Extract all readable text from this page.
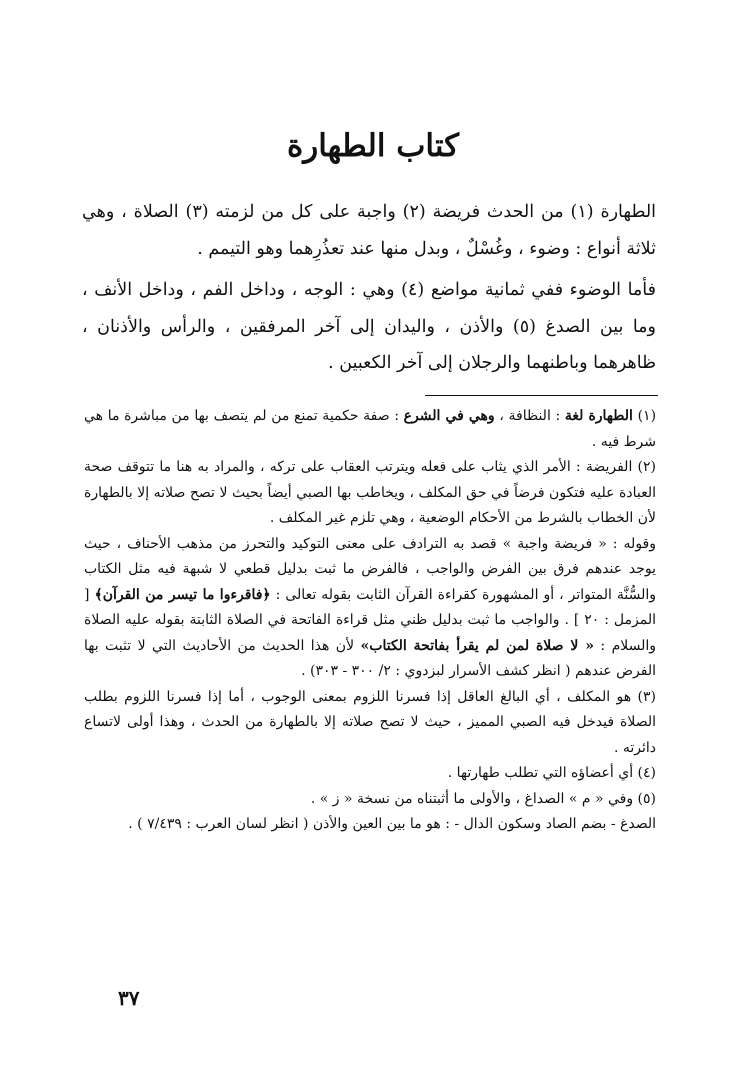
كتاب الطهارة

الطهارة (١) من الحدث فريضة (٢) واجبة على كل من لزمته (٣) الصلاة ، وهي ثلاثة أنواع : وضوء ، وغُسْلٌ ، وبدل منها عند تعذُرِهما وهو التيمم .

فأما الوضوء ففي ثمانية مواضع (٤) وهي : الوجه ، وداخل الفم ، وداخل الأنف ، وما بين الصدغ (٥) والأذن ، واليدان إلى آخر المرفقين ، والرأس والأذنان ، ظاهرهما وباطنهما والرجلان إلى آخر الكعبين .

(١) الطهارة لغة : النظافة ، وهي في الشرع : صفة حكمية تمنع من لم يتصف بها من مباشرة ما هي شرط فيه .

(٢) الفريضة : الأمر الذي يثاب على فعله ويترتب العقاب على تركه ، والمراد به هنا ما تتوقف صحة العبادة عليه فتكون فرضاً في حق المكلف ، ويخاطب بها الصبي أيضاً بحيث لا تصح صلاته إلا بالطهارة لأن الخطاب بالشرط من الأحكام الوضعية ، وهي تلزم غير المكلف .

وقوله : « فريضة واجبة » قصد به الترادف على معنى التوكيد والتحرز من مذهب الأحناف ، حيث يوجد عندهم فرق بين الفرض والواجب ، فالفرض ما ثبت بدليل قطعي لا شبهة فيه مثل الكتاب والسُّنَّة المتواتر ، أو المشهورة كقراءة القرآن الثابت بقوله تعالى : ﴿فاقرءوا ما تيسر من القرآن﴾ [ المزمل : ٢٠ ] . والواجب ما ثبت بدليل ظني مثل قراءة الفاتحة في الصلاة الثابتة بقوله عليه الصلاة والسلام : « لا صلاة لمن لم يقرأ بفاتحة الكتاب» لأن هذا الحديث من الأحاديث التي لا تثبت بها الفرض عندهم ( انظر كشف الأسرار لبزدوي : ٢/ ٣٠٠ - ٣٠٣) .

(٣) هو المكلف ، أي البالغ العاقل إذا فسرنا اللزوم بمعنى الوجوب ، أما إذا فسرنا اللزوم بطلب الصلاة فيدخل فيه الصبي المميز ، حيث لا تصح صلاته إلا بالطهارة من الحدث ، وهذا أولى لاتساع دائرته .

(٤) أي أعضاؤه التي تطلب طهارتها .

(٥) وفي « م » الصداغ ، والأولى ما أثبتناه من نسخة « ز » .

الصدغ - بضم الصاد وسكون الدال - : هو ما بين العين والأذن ( انظر لسان العرب : ٧/٤٣٩ ) .

٣٧
